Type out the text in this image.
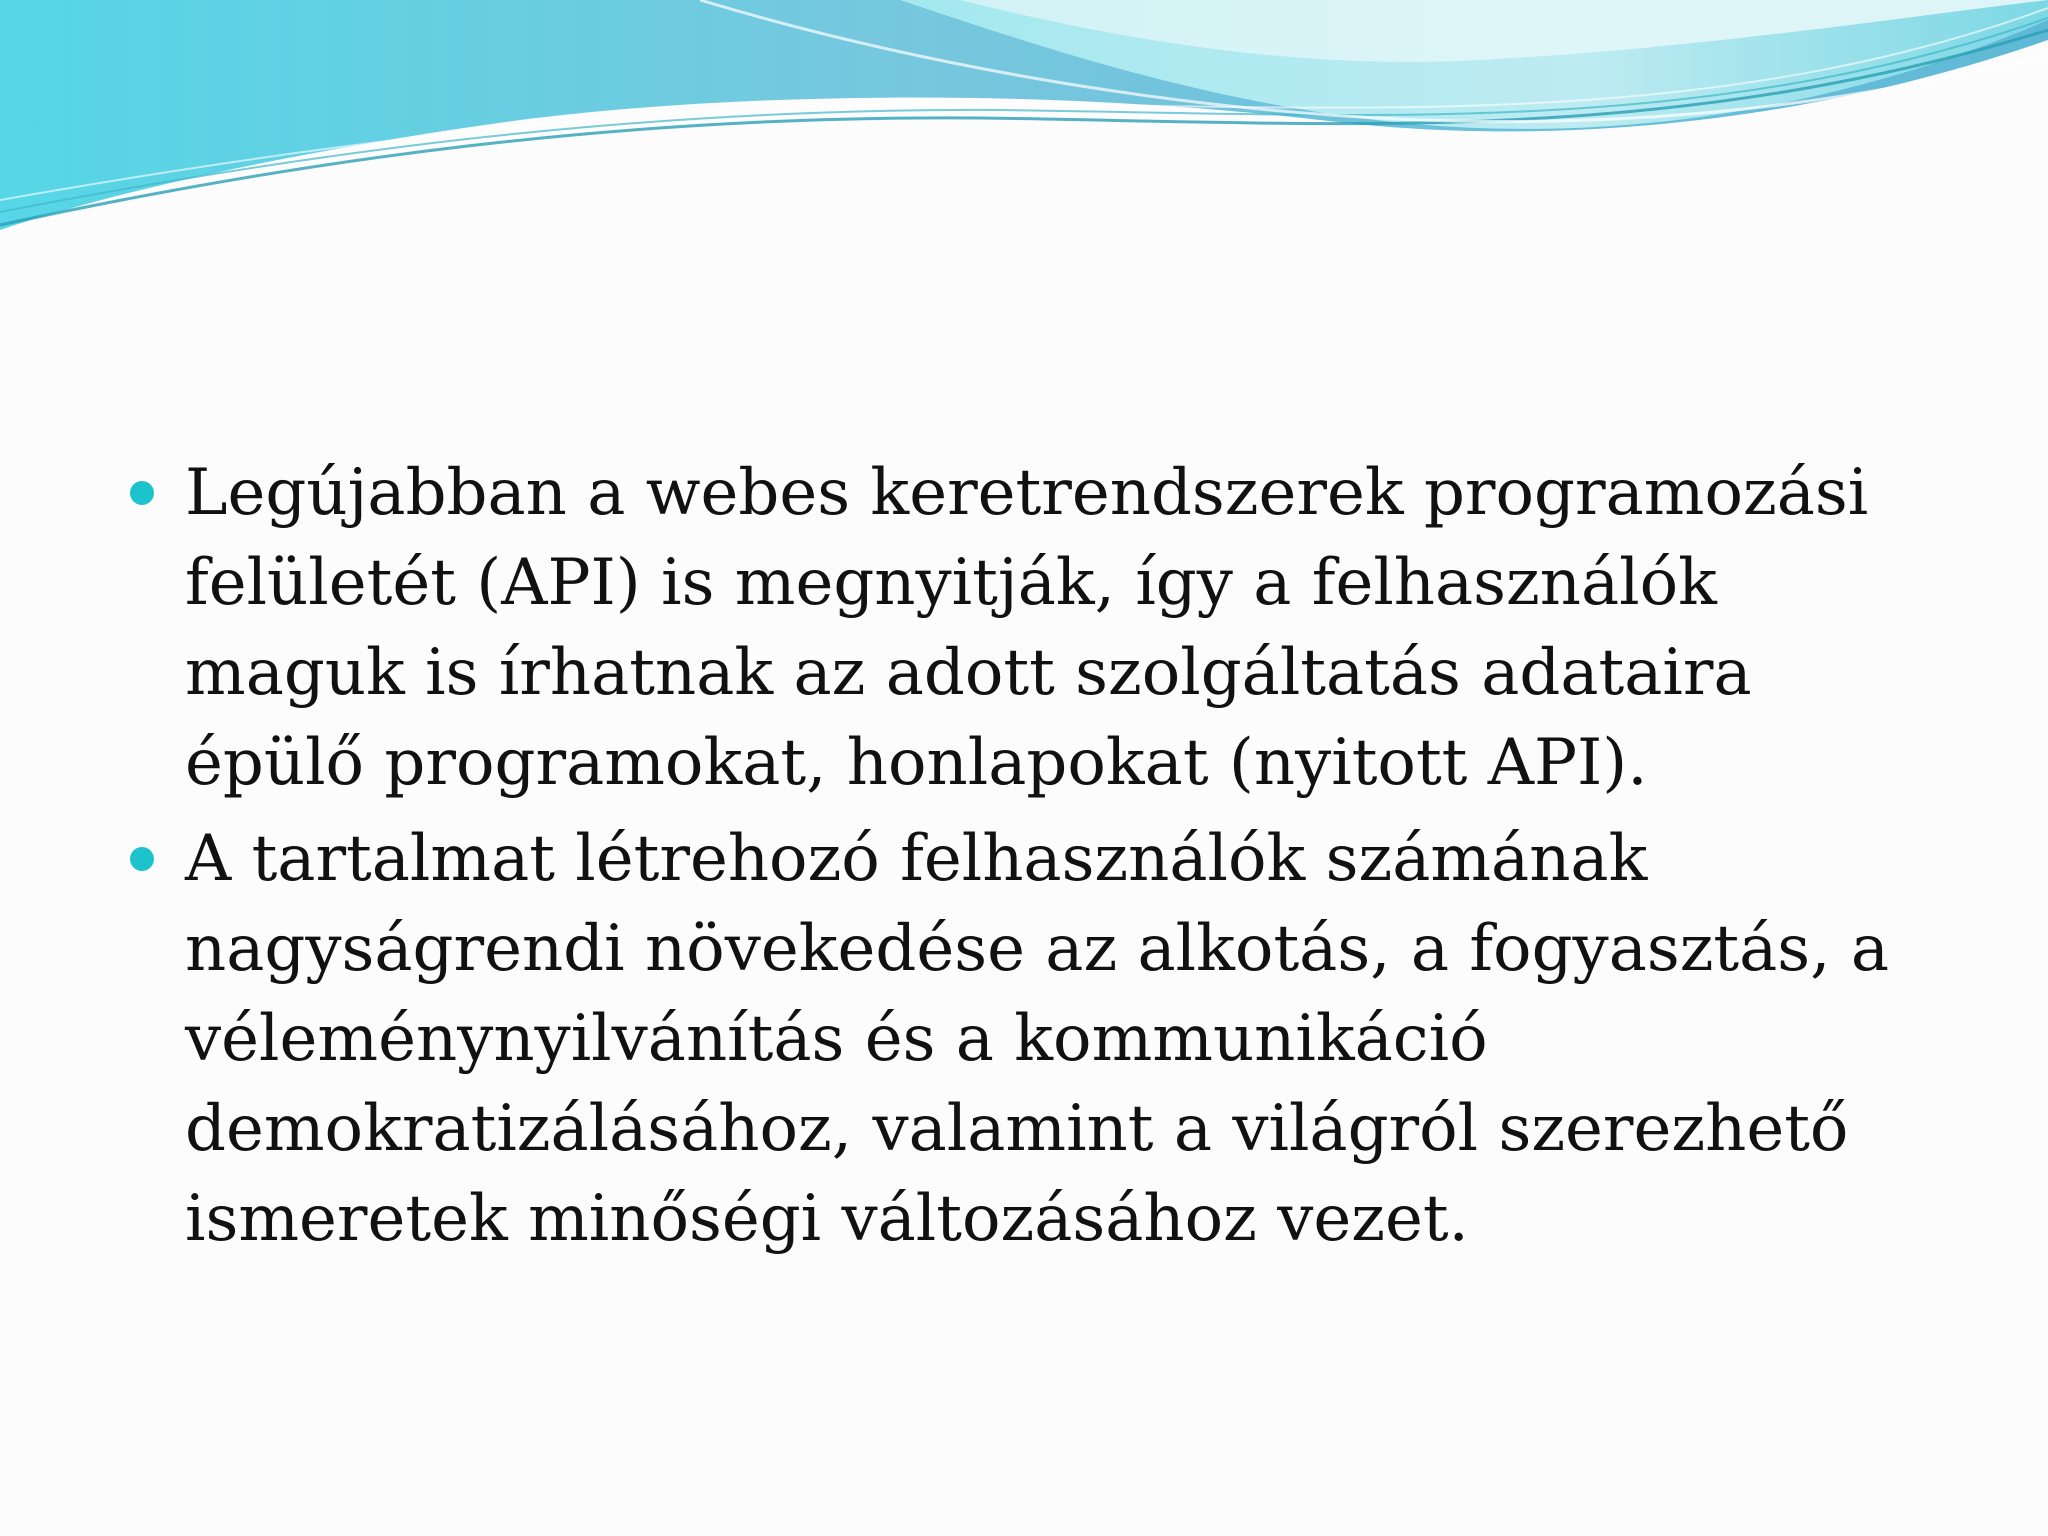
Legújabban a webes keretrendszerek programozási felületét (API) is megnyitják, így a felhasználók maguk is írhatnak az adott szolgáltatás adataira épülő programokat, honlapokat (nyitott API).
A tartalmat létrehozó felhasználók számának nagyságrendi növekedése az alkotás, a fogyasztás, a véleménynyilvánítás és a kommunikáció demokratizálásához, valamint a világról szerezhető ismeretek minőségi változásához vezet.
